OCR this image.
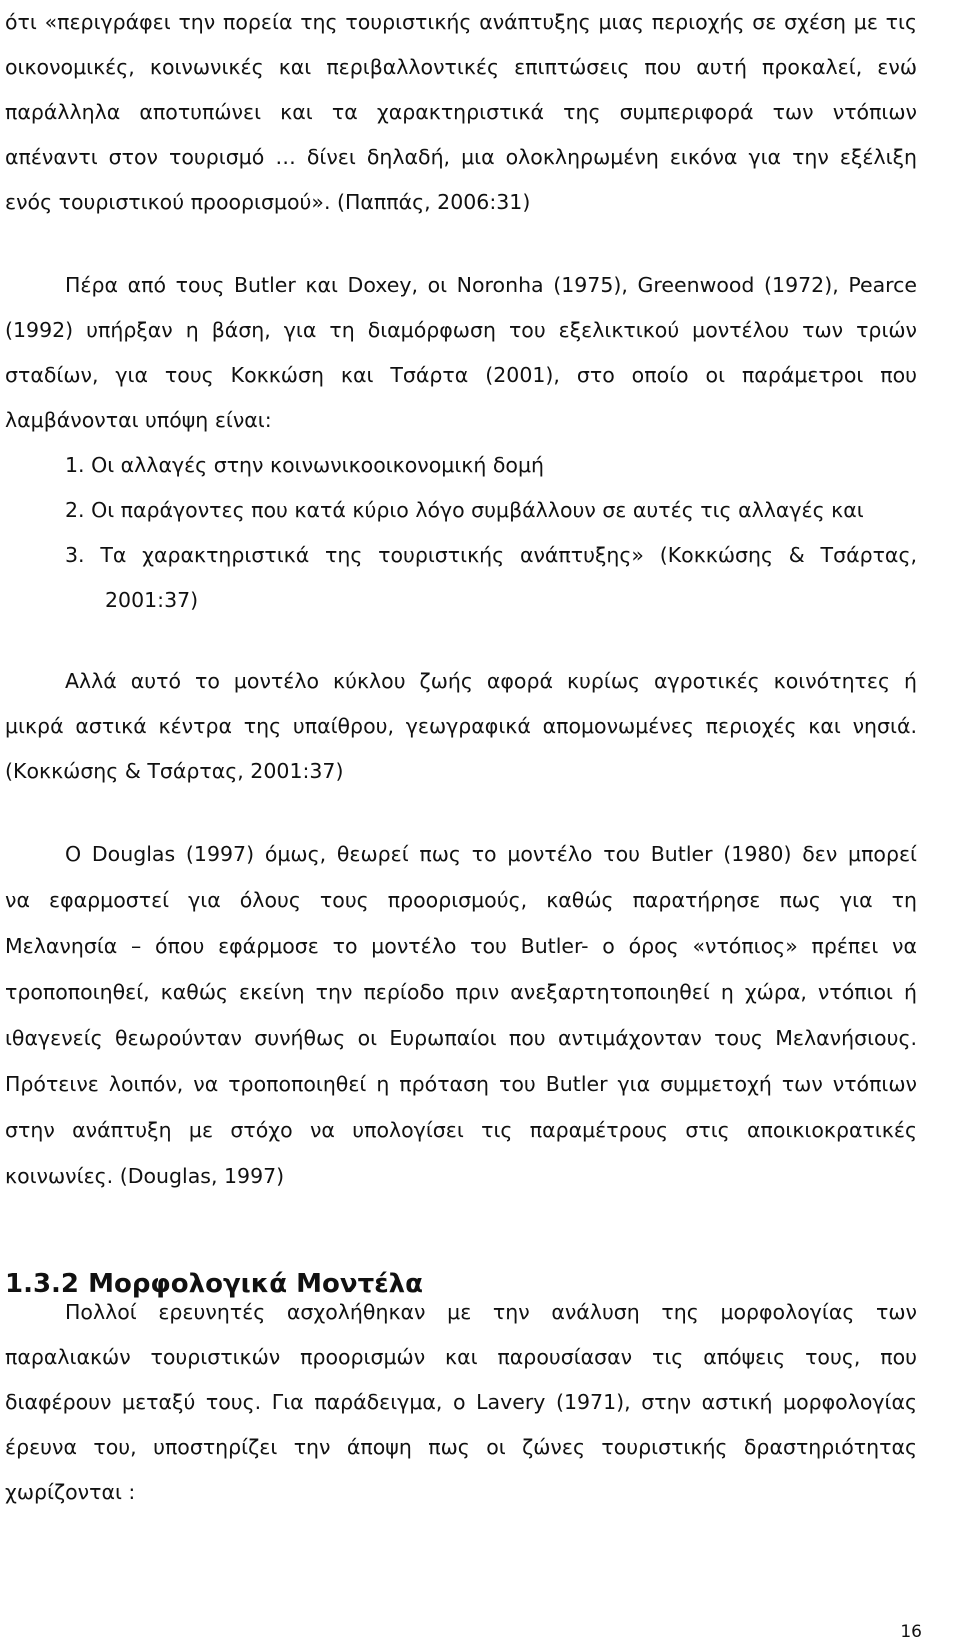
ότι «περιγράφει την πορεία της τουριστικής ανάπτυξης μιας περιοχής σε σχέση με τις
οικονομικές, κοινωνικές και περιβαλλοντικές επιπτώσεις που αυτή προκαλεί, ενώ
παράλληλα αποτυπώνει και τα χαρακτηριστικά της συμπεριφορά των ντόπιων
απέναντι στον τουρισμό … δίνει δηλαδή, μια ολοκληρωμένη εικόνα για την εξέλιξη
ενός τουριστικού προορισμού». (Παππάς, 2006:31)
Πέρα από τους Butler και Doxey, οι Noronha (1975), Greenwood (1972), Pearce
(1992) υπήρξαν η βάση, για τη διαμόρφωση του εξελικτικού μοντέλου των τριών
σταδίων, για τους Κοκκώση και Τσάρτα (2001), στο οποίο οι παράμετροι που
λαμβάνονται υπόψη είναι:
1. Οι αλλαγές στην κοινωνικοοικονομική δομή
2. Οι παράγοντες που κατά κύριο λόγο συμβάλλουν σε αυτές τις αλλαγές και
3. Τα χαρακτηριστικά της τουριστικής ανάπτυξης» (Κοκκώσης & Τσάρτας,
2001:37)
Αλλά αυτό το μοντέλο κύκλου ζωής αφορά κυρίως αγροτικές κοινότητες ή
μικρά αστικά κέντρα της υπαίθρου, γεωγραφικά απομονωμένες περιοχές και νησιά.
(Κοκκώσης & Τσάρτας, 2001:37)
Ο Douglas (1997) όμως, θεωρεί πως το μοντέλο του Butler (1980) δεν μπορεί
να εφαρμοστεί για όλους τους προορισμούς, καθώς παρατήρησε πως για τη
Μελανησία – όπου εφάρμοσε το μοντέλο του Butler- ο όρος «ντόπιος» πρέπει να
τροποποιηθεί, καθώς εκείνη την περίοδο πριν ανεξαρτητοποιηθεί η χώρα, ντόπιοι ή
ιθαγενείς θεωρούνταν συνήθως οι Ευρωπαίοι που αντιμάχονταν τους Μελανήσιους.
Πρότεινε λοιπόν, να τροποποιηθεί η πρόταση του Butler για συμμετοχή των ντόπιων
στην ανάπτυξη με στόχο να υπολογίσει τις παραμέτρους στις αποικιοκρατικές
κοινωνίες. (Douglas, 1997)
1.3.2 Μορφολογικά Μοντέλα
Πολλοί ερευνητές ασχολήθηκαν με την ανάλυση της μορφολογίας των
παραλιακών τουριστικών προορισμών και παρουσίασαν τις απόψεις τους, που
διαφέρουν μεταξύ τους. Για παράδειγμα, ο Lavery (1971), στην αστική μορφολογίας
έρευνα του, υποστηρίζει την άποψη πως οι ζώνες τουριστικής δραστηριότητας
χωρίζονται :
16
